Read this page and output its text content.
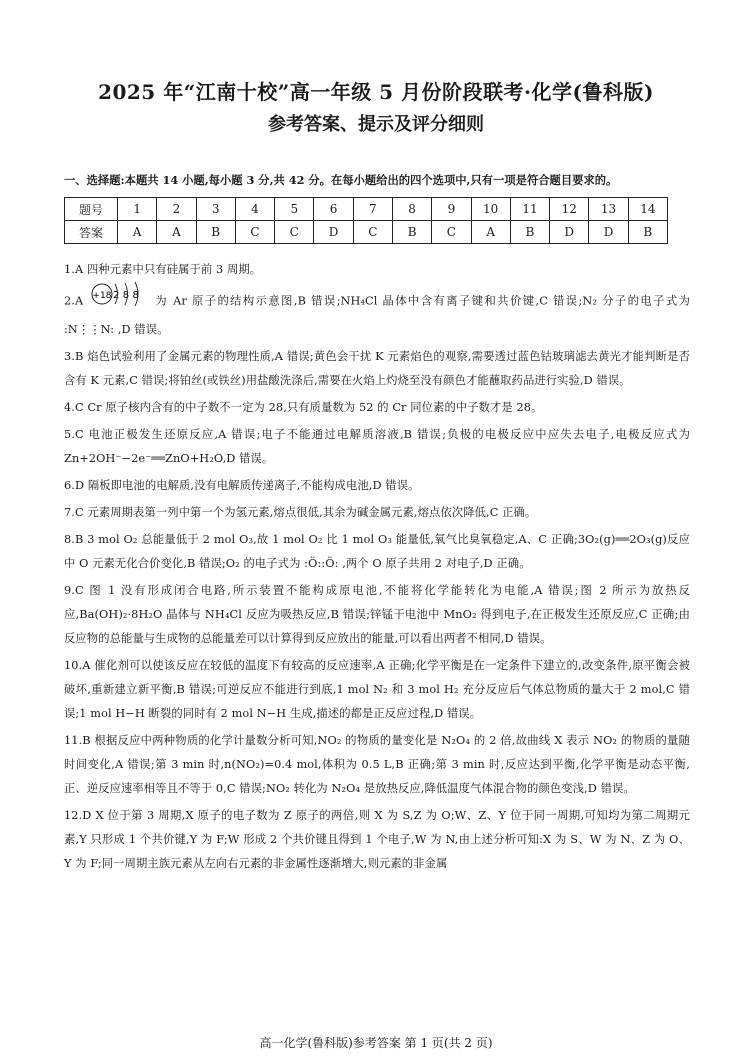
2025 年“江南十校”高一年级 5 月份阶段联考·化学(鲁科版)
参考答案、提示及评分细则
一、选择题:本题共 14 小题,每小题 3 分,共 42 分。在每小题给出的四个选项中,只有一项是符合题目要求的。
题号	1	2	3	4	5	6	7	8	9	10	11	12	13	14
答案	A	A	B	C	C	D	C	B	C	A	B	D	D	B

1.A 四种元素中只有硅属于前 3 周期。

2.A +18 2 8 8 为 Ar 原子的结构示意图,B 错误;NH₄Cl 晶体中含有离子键和共价键,C 错误;N₂ 分子的电子式为 :N⋮⋮N: ,D 错误。

3.B 焰色试验利用了金属元素的物理性质,A 错误;黄色会干扰 K 元素焰色的观察,需要透过蓝色钴玻璃滤去黄光才能判断是否含有 K 元素,C 错误;将铂丝(或铁丝)用盐酸洗涤后,需要在火焰上灼烧至没有颜色才能蘸取药品进行实验,D 错误。

4.C Cr 原子核内含有的中子数不一定为 28,只有质量数为 52 的 Cr 同位素的中子数才是 28。

5.C 电池正极发生还原反应,A 错误;电子不能通过电解质溶液,B 错误;负极的电极反应中应失去电子,电极反应式为 Zn+2OH⁻−2e⁻══ZnO+H₂O,D 错误。

6.D 隔板即电池的电解质,没有电解质传递离子,不能构成电池,D 错误。

7.C 元素周期表第一列中第一个为氢元素,熔点很低,其余为碱金属元素,熔点依次降低,C 正确。

8.B 3 mol O₂ 总能量低于 2 mol O₃,故 1 mol O₂ 比 1 mol O₃ 能量低,氧气比臭氧稳定,A、C 正确;3O₂(g)══2O₃(g)反应中 O 元素无化合价变化,B 错误;O₂ 的电子式为 :Ö::Ö: ,两个 O 原子共用 2 对电子,D 正确。

9.C 图 1 没有形成闭合电路,所示装置不能构成原电池,不能将化学能转化为电能,A 错误;图 2 所示为放热反应,Ba(OH)₂·8H₂O 晶体与 NH₄Cl 反应为吸热反应,B 错误;锌锰干电池中 MnO₂ 得到电子,在正极发生还原反应,C 正确;由反应物的总能量与生成物的总能量差可以计算得到反应放出的能量,可以看出两者不相同,D 错误。

10.A 催化剂可以使该反应在较低的温度下有较高的反应速率,A 正确;化学平衡是在一定条件下建立的,改变条件,原平衡会被破坏,重新建立新平衡,B 错误;可逆反应不能进行到底,1 mol N₂ 和 3 mol H₂ 充分反应后气体总物质的量大于 2 mol,C 错误;1 mol H−H 断裂的同时有 2 mol N−H 生成,描述的都是正反应过程,D 错误。

11.B 根据反应中两种物质的化学计量数分析可知,NO₂ 的物质的量变化是 N₂O₄ 的 2 倍,故曲线 X 表示 NO₂ 的物质的量随时间变化,A 错误;第 3 min 时,n(NO₂)=0.4 mol,体积为 0.5 L,B 正确;第 3 min 时,反应达到平衡,化学平衡是动态平衡,正、逆反应速率相等且不等于 0,C 错误;NO₂ 转化为 N₂O₄ 是放热反应,降低温度气体混合物的颜色变浅,D 错误。

12.D X 位于第 3 周期,X 原子的电子数为 Z 原子的两倍,则 X 为 S,Z 为 O;W、Z、Y 位于同一周期,可知均为第二周期元素,Y 只形成 1 个共价键,Y 为 F;W 形成 2 个共价键且得到 1 个电子,W 为 N,由上述分析可知:X 为 S、W 为 N、Z 为 O、Y 为 F;同一周期主族元素从左向右元素的非金属性逐渐增大,则元素的非金属

高一化学(鲁科版)参考答案 第 1 页(共 2 页)
